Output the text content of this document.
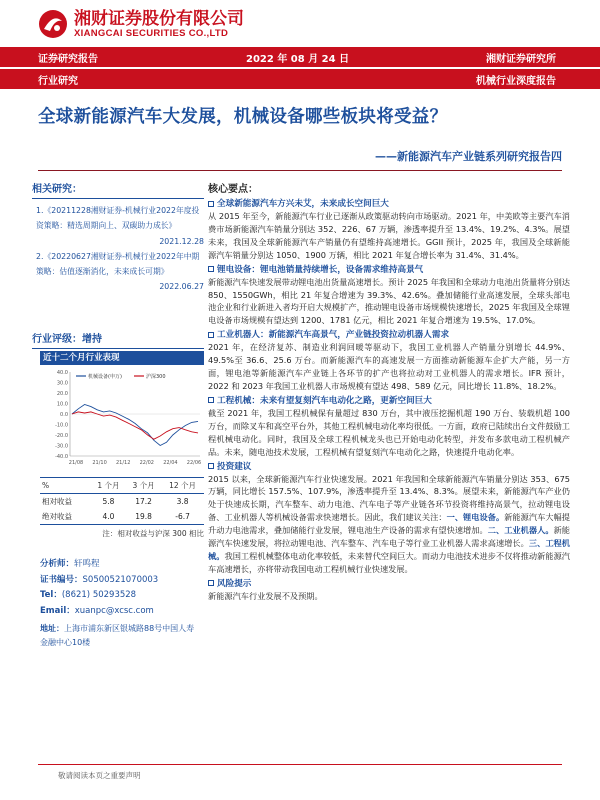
湘财证券股份有限公司
XIANGCAI SECURITIES CO.,LTD
证券研究报告	2022 年 08 月 24 日	湘财证券研究所
行业研究	机械行业深度报告
全球新能源汽车大发展，机械设备哪些板块将受益？
——新能源汽车产业链系列研究报告四
相关研究：
1.《20211228湘财证券-机械行业2022年度投资策略：精选周期向上、双碳助力成长》
2021.12.28
2.《20220627湘财证券-机械行业2022年中期策略：估值逐渐消化，未来成长可期》
2022.06.27
行业评级：增持
近十二个月行业表现
40.0
30.0
20.0
10.0
0.0
-10.0
-20.0
-30.0
-40.0
21/08 21/10 21/12 22/02 22/04 22/06
机械设备(申万)	沪深300
%	1 个月	3 个月	12 个月
相对收益	5.8	17.2	3.8
绝对收益	4.0	19.8	-6.7
注：相对收益与沪深 300 相比
分析师：轩鸣程
证书编号：S0500521070003
Tel：(8621) 50293528
Email：xuanpc@xcsc.com
地址：上海市浦东新区银城路88号中国人寿金融中心10楼
核心要点：
全球新能源汽车方兴未艾，未来成长空间巨大
从 2015 年至今，新能源汽车行业已逐渐从政策驱动转向市场驱动。2021 年，中美欧等主要汽车消费市场新能源汽车销量分别达 352、226、67 万辆，渗透率提升至 13.4%、19.2%、4.3%。展望未来，我国及全球新能源汽车产销量仍有望维持高速增长。GGII 预计，2025 年，我国及全球新能源汽车销量分别达 1050、1900 万辆，相比 2021 年复合增长率为 31.4%、31.4%。
锂电设备：锂电池销量持续增长，设备需求维持高景气
新能源汽车快速发展带动锂电池出货量高速增长。预计 2025 年我国和全球动力电池出货量将分别达 850、1550GWh，相比 21 年复合增速为 39.3%、42.6%。叠加储能行业高速发展，全球头部电池企业和行业新进入者均开启大规模扩产，推动锂电设备市场规模快速增长，2025 年我国及全球锂电设备市场规模有望达到 1200、1781 亿元，相比 2021 年复合增速为 19.5%、17.0%。
工业机器人：新能源汽车高景气，产业链投资拉动机器人需求
2021 年，在经济复苏、制造业利润回暖等驱动下，我国工业机器人产销量分别增长 44.9%、49.5%至 36.6、25.6 万台。而新能源汽车的高速发展一方面推动新能源车企扩大产能，另一方面，锂电池等新能源汽车产业链上各环节的扩产也将拉动对工业机器人的需求增长。IFR 预计，2022 和 2023 年我国工业机器人市场规模有望达 498、589 亿元，同比增长 11.8%、18.2%。
工程机械：未来有望复刻汽车电动化之路，更新空间巨大
截至 2021 年，我国工程机械保有量超过 830 万台，其中液压挖掘机超 190 万台、装载机超 100 万台，而除叉车和高空平台外，其他工程机械电动化率均很低。一方面，政府已陆续出台文件鼓励工程机械电动化。同时，我国及全球工程机械龙头也已开始电动化转型，并发布多款电动工程机械产品。未来，随电池技术发展，工程机械有望复刻汽车电动化之路，快速提升电动化率。
投资建议
2015 以来，全球新能源汽车行业快速发展。2021 年我国和全球新能源汽车销量分别达 353、675 万辆，同比增长 157.5%、107.9%，渗透率提升至 13.4%、8.3%。展望未来，新能源汽车产业仍处于快速成长期，汽车整车、动力电池、汽车电子等产业链各环节投资将维持高景气，拉动锂电设备、工业机器人等机械设备需求快速增长。因此，我们建议关注：一、锂电设备。新能源汽车大幅提升动力电池需求，叠加储能行业发展，锂电池生产设备的需求有望快速增加。二、工业机器人。新能源汽车快速发展，将拉动锂电池、汽车整车、汽车电子等行业工业机器人需求高速增长。三、工程机械。我国工程机械整体电动化率较低，未来替代空间巨大。而动力电池技术进步不仅将推动新能源汽车高速增长，亦将带动我国电动工程机械行业快速发展。
风险提示
新能源汽车行业发展不及预期。
敬请阅读本页之重要声明
